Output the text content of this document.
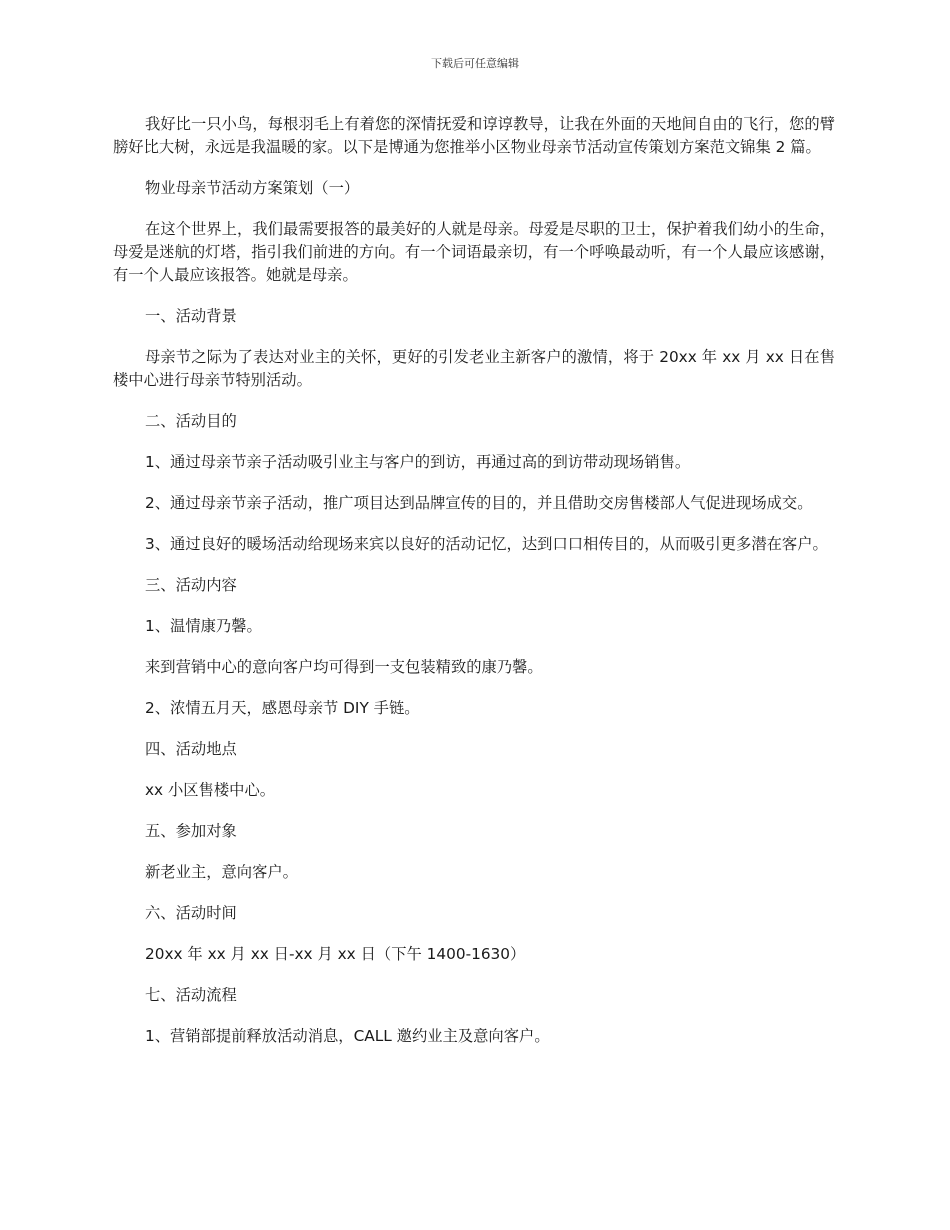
下载后可任意编辑

我好比一只小鸟，每根羽毛上有着您的深情抚爱和谆谆教导，让我在外面的天地间自由的飞行，您的臂膀好比大树，永远是我温暖的家。以下是博通为您推举小区物业母亲节活动宣传策划方案范文锦集 2 篇。

物业母亲节活动方案策划（一）

在这个世界上，我们最需要报答的最美好的人就是母亲。母爱是尽职的卫士，保护着我们幼小的生命，母爱是迷航的灯塔，指引我们前进的方向。有一个词语最亲切，有一个呼唤最动听，有一个人最应该感谢，有一个人最应该报答。她就是母亲。

一、活动背景

母亲节之际为了表达对业主的关怀，更好的引发老业主新客户的激情，将于 20xx 年 xx 月 xx 日在售楼中心进行母亲节特别活动。

二、活动目的

1、通过母亲节亲子活动吸引业主与客户的到访，再通过高的到访带动现场销售。

2、通过母亲节亲子活动，推广项目达到品牌宣传的目的，并且借助交房售楼部人气促进现场成交。

3、通过良好的暖场活动给现场来宾以良好的活动记忆，达到口口相传目的，从而吸引更多潜在客户。

三、活动内容

1、温情康乃馨。

来到营销中心的意向客户均可得到一支包装精致的康乃馨。

2、浓情五月天，感恩母亲节 DIY 手链。

四、活动地点

xx 小区售楼中心。

五、参加对象

新老业主，意向客户。

六、活动时间

20xx 年 xx 月 xx 日-xx 月 xx 日（下午 1400-1630）

七、活动流程

1、营销部提前释放活动消息，CALL 邀约业主及意向客户。
